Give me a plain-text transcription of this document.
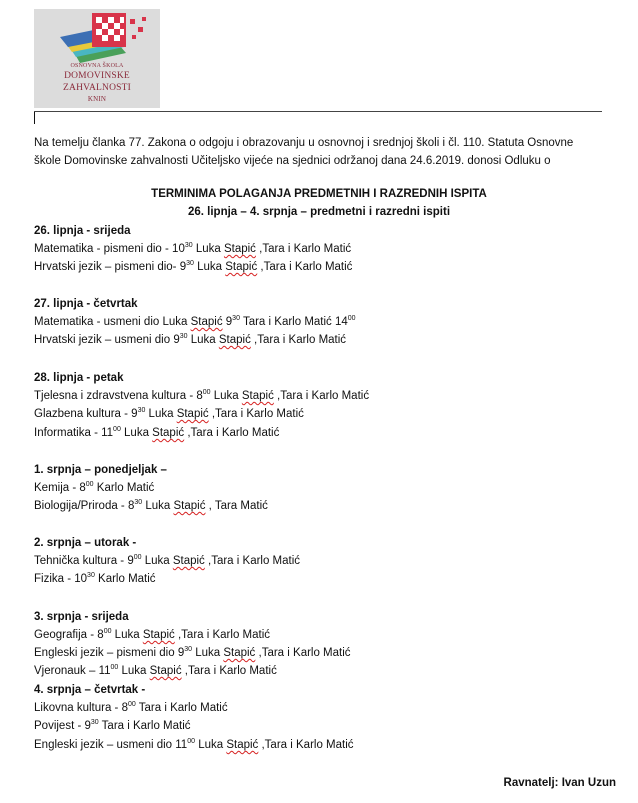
OSNOVNA ŠKOLA
DOMOVINSKE
ZAHVALNOSTI
KNIN
Na temelju članka 77. Zakona o odgoju i obrazovanju u osnovnoj i srednjoj školi i čl. 110. Statuta Osnovne
škole Domovinske zahvalnosti Učiteljsko vijeće na sjednici održanoj dana 24.6.2019. donosi Odluku o
TERMINIMA POLAGANJA PREDMETNIH I RAZREDNIH ISPITA
26. lipnja – 4. srpnja – predmetni i razredni ispiti
26. lipnja - srijeda
Matematika - pismeni dio - $10^{30}$ Luka Stapić ,Tara i Karlo Matić
Hrvatski jezik – pismeni dio- $9^{30}$ Luka Stapić ,Tara i Karlo Matić
27. lipnja - četvrtak
Matematika - usmeni dio Luka Stapić $9^{30}$ Tara i Karlo Matić $14^{00}$
Hrvatski jezik – usmeni dio $9^{30}$ Luka Stapić ,Tara i Karlo Matić
28. lipnja - petak
Tjelesna i zdravstvena kultura - $8^{00}$ Luka Stapić ,Tara i Karlo Matić
Glazbena kultura - $9^{30}$ Luka Stapić ,Tara i Karlo Matić
Informatika - $11^{00}$ Luka Stapić ,Tara i Karlo Matić
1. srpnja – ponedjeljak –
Kemija - $8^{00}$ Karlo Matić
Biologija/Priroda - $8^{30}$ Luka Stapić , Tara Matić
2. srpnja – utorak -
Tehnička kultura - $9^{00}$ Luka Stapić ,Tara i Karlo Matić
Fizika - $10^{30}$ Karlo Matić
3. srpnja - srijeda
Geografija - $8^{00}$ Luka Stapić ,Tara i Karlo Matić
Engleski jezik – pismeni dio $9^{30}$ Luka Stapić ,Tara i Karlo Matić
Vjeronauk – $11^{00}$ Luka Stapić ,Tara i Karlo Matić
4. srpnja – četvrtak -
Likovna kultura - $8^{00}$ Tara i Karlo Matić
Povijest - $9^{30}$ Tara i Karlo Matić
Engleski jezik – usmeni dio $11^{00}$ Luka Stapić ,Tara i Karlo Matić
Ravnatelj: Ivan Uzun
